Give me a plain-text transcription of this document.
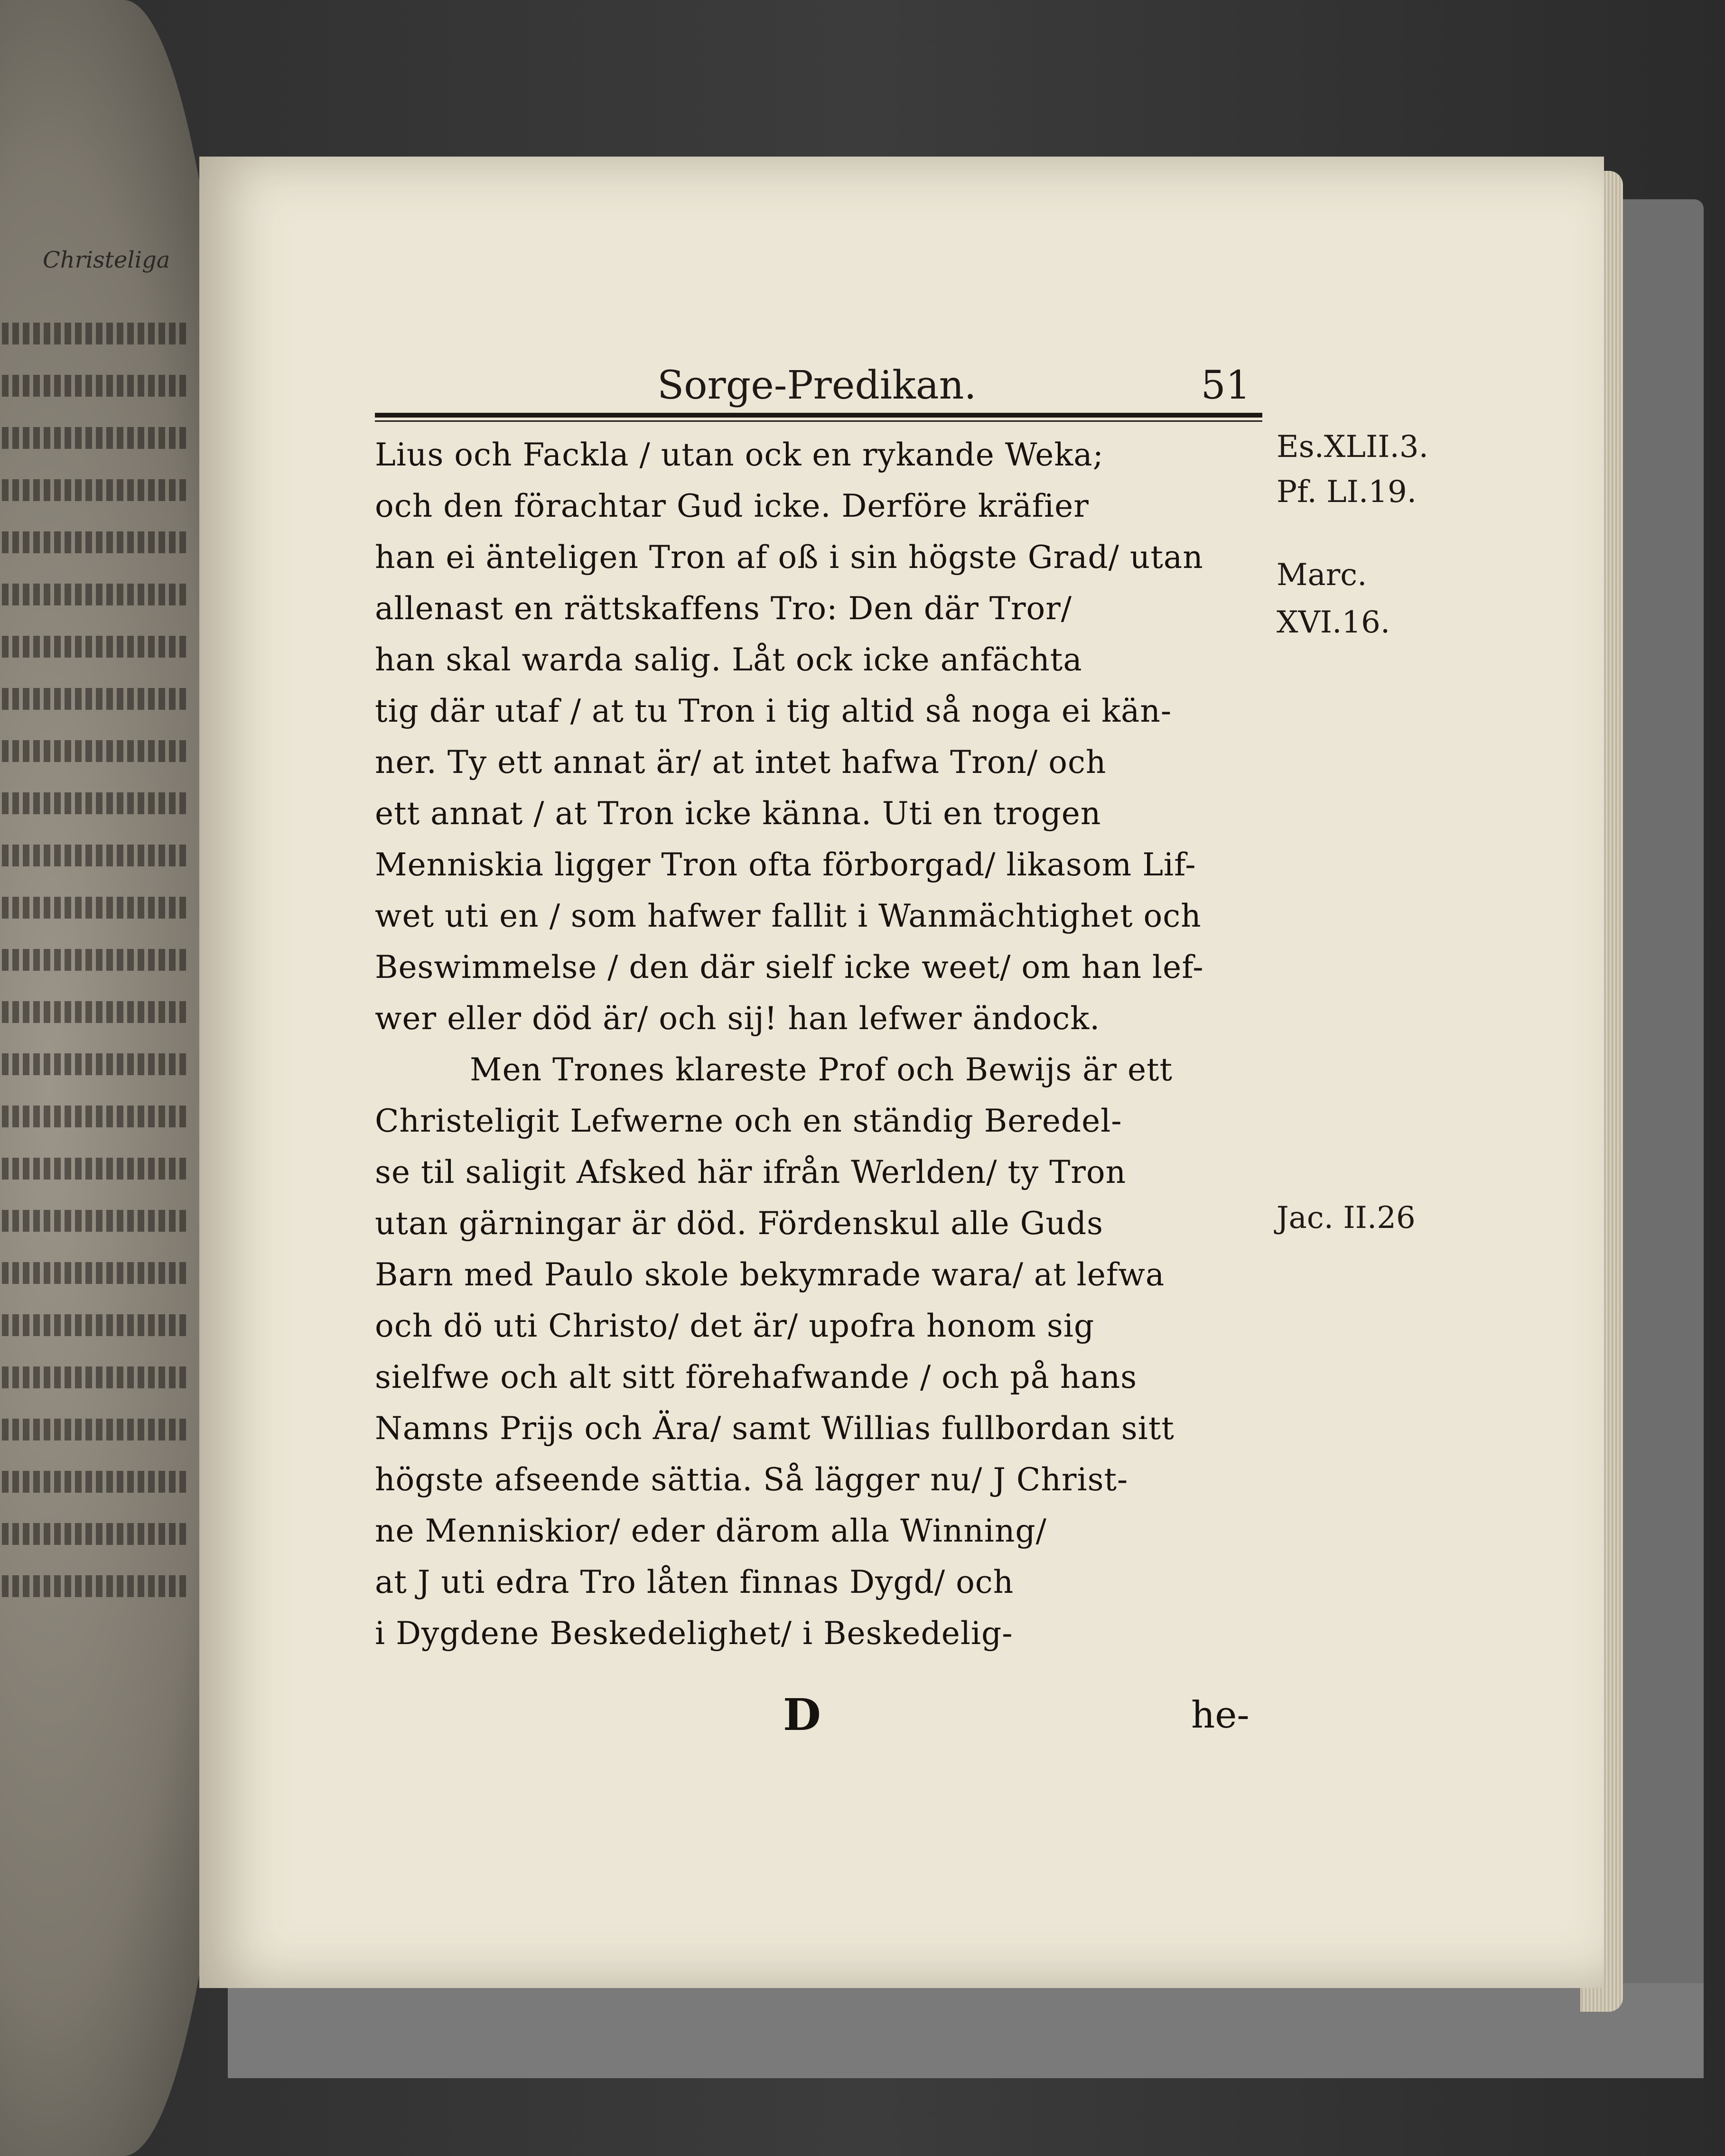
Christeliga
Sorge-Predikan.	51
Lius och Fackla / utan ock en rykande Weka;
och den förachtar Gud icke. Derföre kräfier
han ei änteligen Tron af oß i sin högste Grad/ utan
allenast en rättskaffens Tro: Den där Tror/
han skal warda salig. Låt ock icke anfächta
tig där utaf / at tu Tron i tig altid så noga ei kän-
ner. Ty ett annat är/ at intet hafwa Tron/ och
ett annat / at Tron icke känna. Uti en trogen
Menniskia ligger Tron ofta förborgad/ likasom Lif-
wet uti en / som hafwer fallit i Wanmächtighet och
Beswimmelse / den där sielf icke weet/ om han lef-
wer eller död är/ och sij! han lefwer ändock.
Men Trones klareste Prof och Bewijs är ett
Christeligit Lefwerne och en ständig Beredel-
se til saligit Afsked här ifrån Werlden/ ty Tron
utan gärningar är död. Fördenskul alle Guds
Barn med Paulo skole bekymrade wara/ at lefwa
och dö uti Christo/ det är/ upofra honom sig
sielfwe och alt sitt förehafwande / och på hans
Namns Prijs och Ära/ samt Willias fullbordan sitt
högste afseende sättia. Så lägger nu/ J Christ-
ne Menniskior/ eder därom alla Winning/
at J uti edra Tro låten finnas Dygd/ och
i Dygdene Beskedelighet/ i Beskedelig-
Es.XLII.3.
Pf. LI.19.
Marc.
XVI.16.
Jac. II.26
D	he-
